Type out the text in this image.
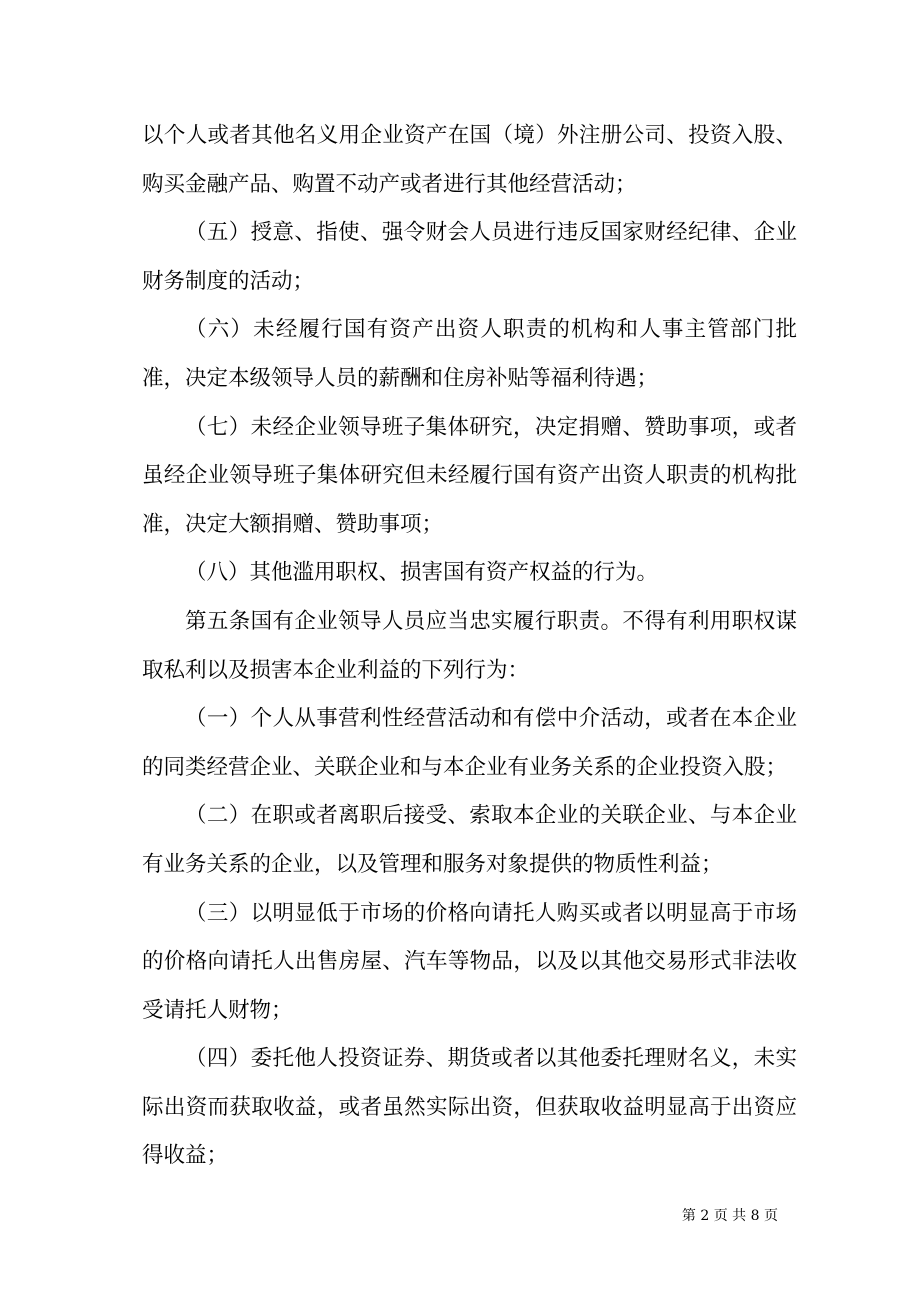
以个人或者其他名义用企业资产在国（境）外注册公司、投资入股、购买金融产品、购置不动产或者进行其他经营活动；

（五）授意、指使、强令财会人员进行违反国家财经纪律、企业财务制度的活动；

（六）未经履行国有资产出资人职责的机构和人事主管部门批准，决定本级领导人员的薪酬和住房补贴等福利待遇；

（七）未经企业领导班子集体研究，决定捐赠、赞助事项，或者虽经企业领导班子集体研究但未经履行国有资产出资人职责的机构批准，决定大额捐赠、赞助事项；

（八）其他滥用职权、损害国有资产权益的行为。

第五条国有企业领导人员应当忠实履行职责。不得有利用职权谋取私利以及损害本企业利益的下列行为：

（一）个人从事营利性经营活动和有偿中介活动，或者在本企业的同类经营企业、关联企业和与本企业有业务关系的企业投资入股；

（二）在职或者离职后接受、索取本企业的关联企业、与本企业有业务关系的企业，以及管理和服务对象提供的物质性利益；

（三）以明显低于市场的价格向请托人购买或者以明显高于市场的价格向请托人出售房屋、汽车等物品，以及以其他交易形式非法收受请托人财物；

（四）委托他人投资证券、期货或者以其他委托理财名义，未实际出资而获取收益，或者虽然实际出资，但获取收益明显高于出资应得收益；

第 2 页 共 8 页
